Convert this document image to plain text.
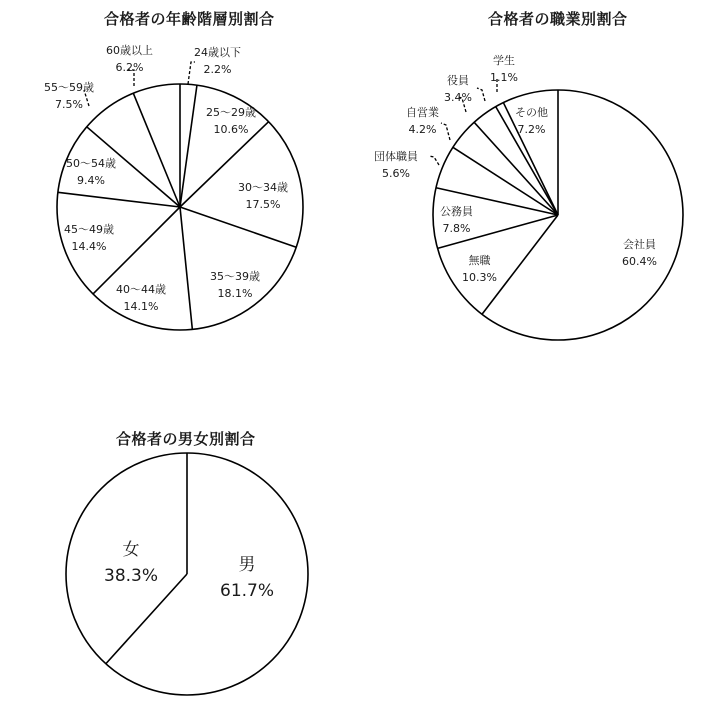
合格者の年齢階層別割合	合格者の職業別割合
合格者の男女別割合
24歳以下
2.2%
25～29歳
10.6%
30～34歳
17.5%
35～39歳
18.1%
40～44歳
14.1%
45～49歳
14.4%
50～54歳
9.4%
55～59歳
7.5%
60歳以上
6.2%
会社員
60.4%
無職
10.3%
公務員
7.8%
団体職員
5.6%
自営業
4.2%
役員
3.4%
学生
1.1%
その他
7.2%
男
61.7%
女
38.3%
